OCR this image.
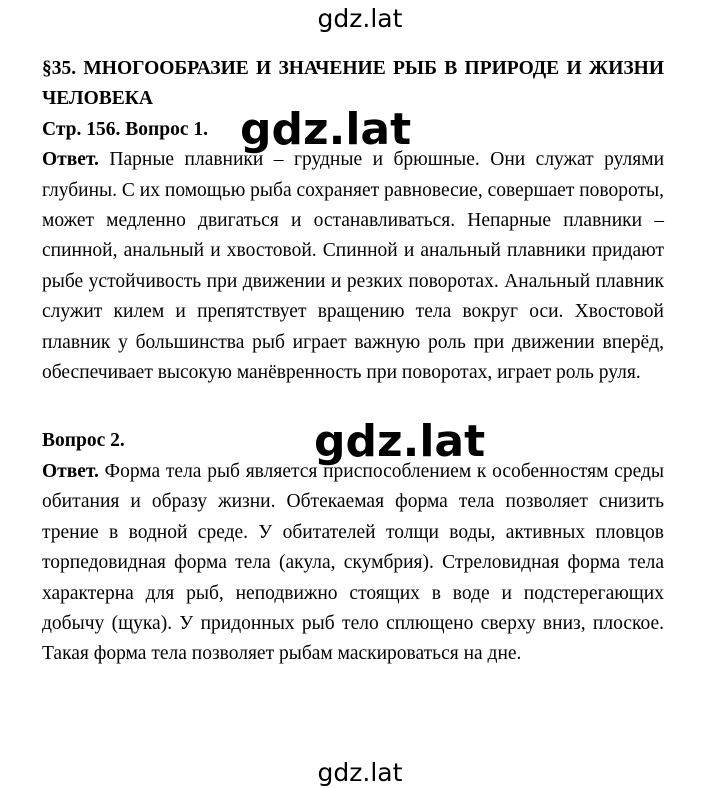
gdz.lat

§35. МНОГООБРАЗИЕ И ЗНАЧЕНИЕ РЫБ В ПРИРОДЕ И ЖИЗНИ ЧЕЛОВЕКА

Стр. 156. Вопрос 1.

Ответ. Парные плавники – грудные и брюшные. Они служат рулями глубины. С их помощью рыба сохраняет равновесие, совершает повороты, может медленно двигаться и останавливаться. Непарные плавники – спинной, анальный и хвостовой. Спинной и анальный плавники придают рыбе устойчивость при движении и резких поворотах. Анальный плавник служит килем и препятствует вращению тела вокруг оси. Хвостовой плавник у большинства рыб играет важную роль при движении вперёд, обеспечивает высокую манёвренность при поворотах, играет роль руля.

Вопрос 2.

Ответ. Форма тела рыб является приспособлением к особенностям среды обитания и образу жизни. Обтекаемая форма тела позволяет снизить трение в водной среде. У обитателей толщи воды, активных пловцов торпедовидная форма тела (акула, скумбрия). Стреловидная форма тела характерна для рыб, неподвижно стоящих в воде и подстерегающих добычу (щука). У придонных рыб тело сплющено сверху вниз, плоское. Такая форма тела позволяет рыбам маскироваться на дне.

gdz.lat
gdz.lat
gdz.lat
